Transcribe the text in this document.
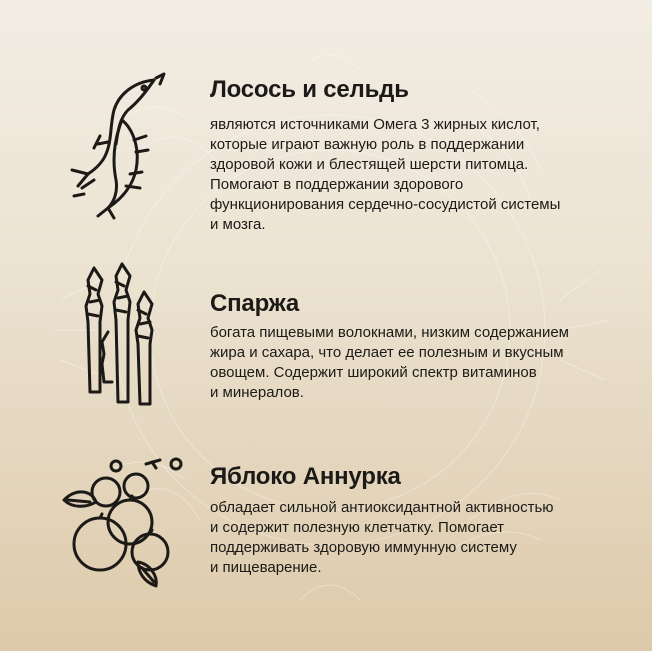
Лосось и сельдь

являются источниками Омега 3 жирных кислот,
которые играют важную роль в поддержании
здоровой кожи и блестящей шерсти питомца.
Помогают в поддержании здорового
функционирования сердечно-сосудистой системы
и мозга.

Спаржа

богата пищевыми волокнами, низким содержанием
жира и сахара, что делает ее полезным и вкусным
овощем. Содержит широкий спектр витаминов
и минералов.

Яблоко Аннурка

обладает сильной антиоксидантной активностью
и содержит полезную клетчатку. Помогает
поддерживать здоровую иммунную систему
и пищеварение.
